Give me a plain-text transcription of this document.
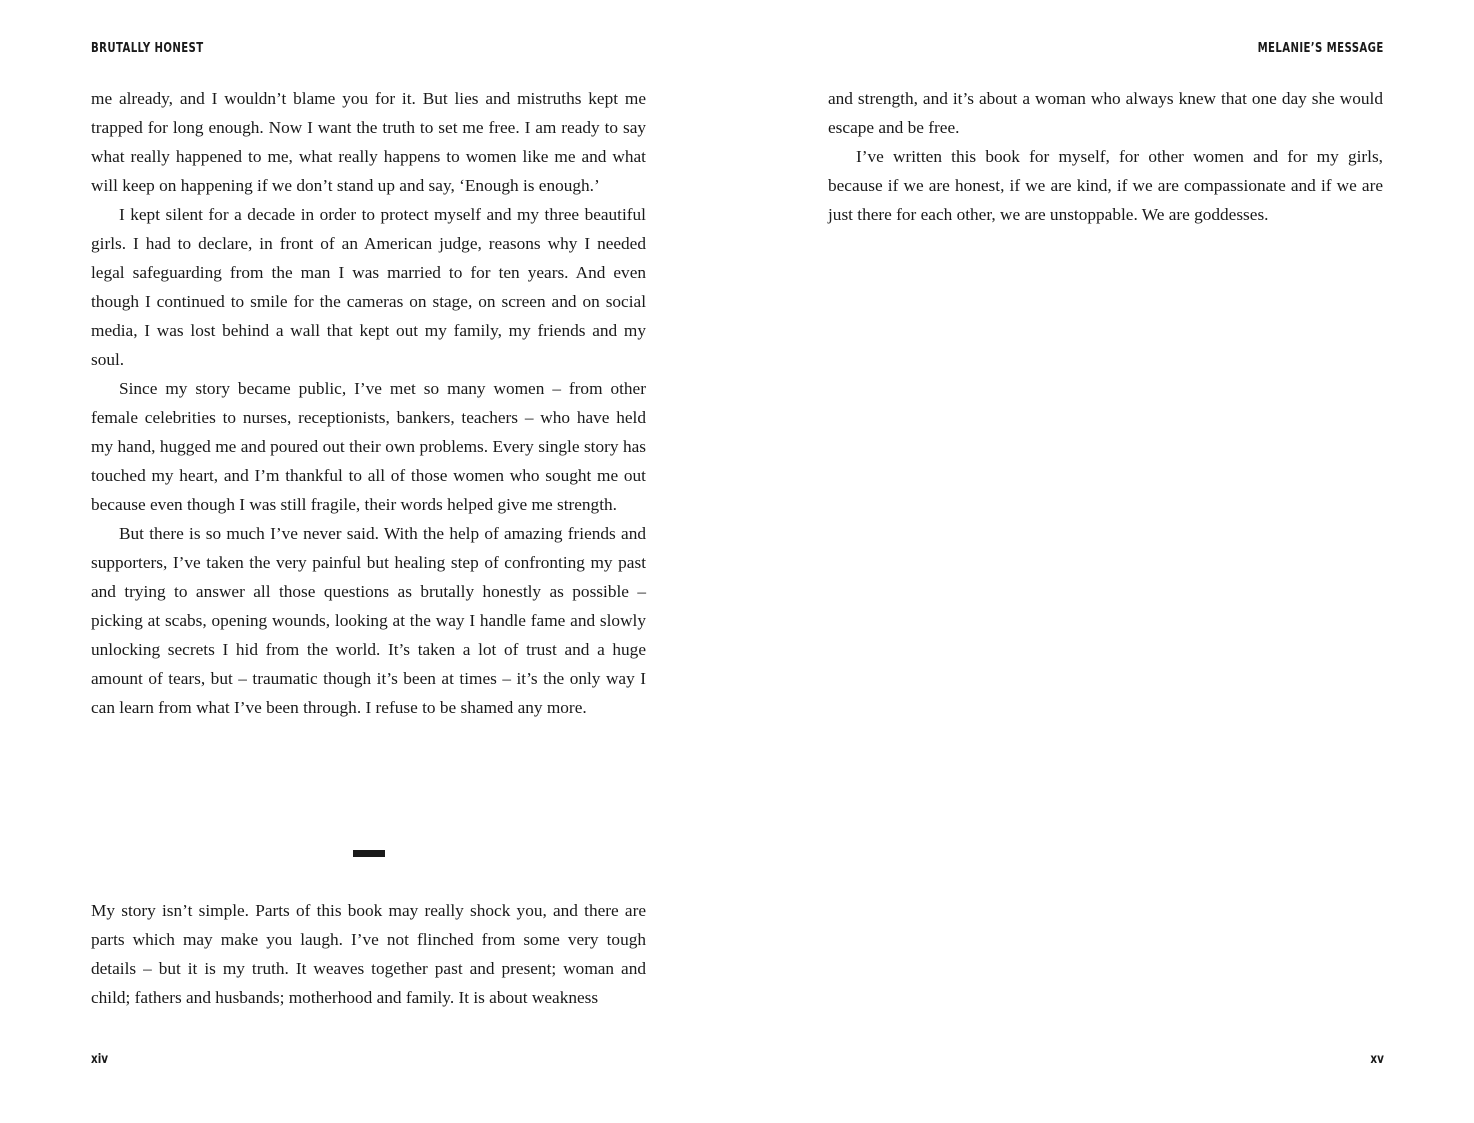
BRUTALLY HONEST

me already, and I wouldn’t blame you for it. But lies and mistruths kept me trapped for long enough. Now I want the truth to set me free. I am ready to say what really happened to me, what really happens to women like me and what will keep on happening if we don’t stand up and say, ‘Enough is enough.’

I kept silent for a decade in order to protect myself and my three beautiful girls. I had to declare, in front of an American judge, reasons why I needed legal safeguarding from the man I was married to for ten years. And even though I continued to smile for the cameras on stage, on screen and on social media, I was lost behind a wall that kept out my family, my friends and my soul.

Since my story became public, I’ve met so many women – from other female celebrities to nurses, receptionists, bankers, teachers – who have held my hand, hugged me and poured out their own problems. Every single story has touched my heart, and I’m thankful to all of those women who sought me out because even though I was still fragile, their words helped give me strength.

But there is so much I’ve never said. With the help of amazing friends and supporters, I’ve taken the very painful but healing step of confronting my past and trying to answer all those questions as brutally honestly as possible – picking at scabs, opening wounds, looking at the way I handle fame and slowly unlocking secrets I hid from the world. It’s taken a lot of trust and a huge amount of tears, but – traumatic though it’s been at times – it’s the only way I can learn from what I’ve been through. I refuse to be shamed any more.

My story isn’t simple. Parts of this book may really shock you, and there are parts which may make you laugh. I’ve not flinched from some very tough details – but it is my truth. It weaves together past and present; woman and child; fathers and husbands; motherhood and family. It is about weakness

xiv
MELANIE’S MESSAGE

and strength, and it’s about a woman who always knew that one day she would escape and be free.

I’ve written this book for myself, for other women and for my girls, because if we are honest, if we are kind, if we are compassionate and if we are just there for each other, we are unstoppable. We are goddesses.

xv
